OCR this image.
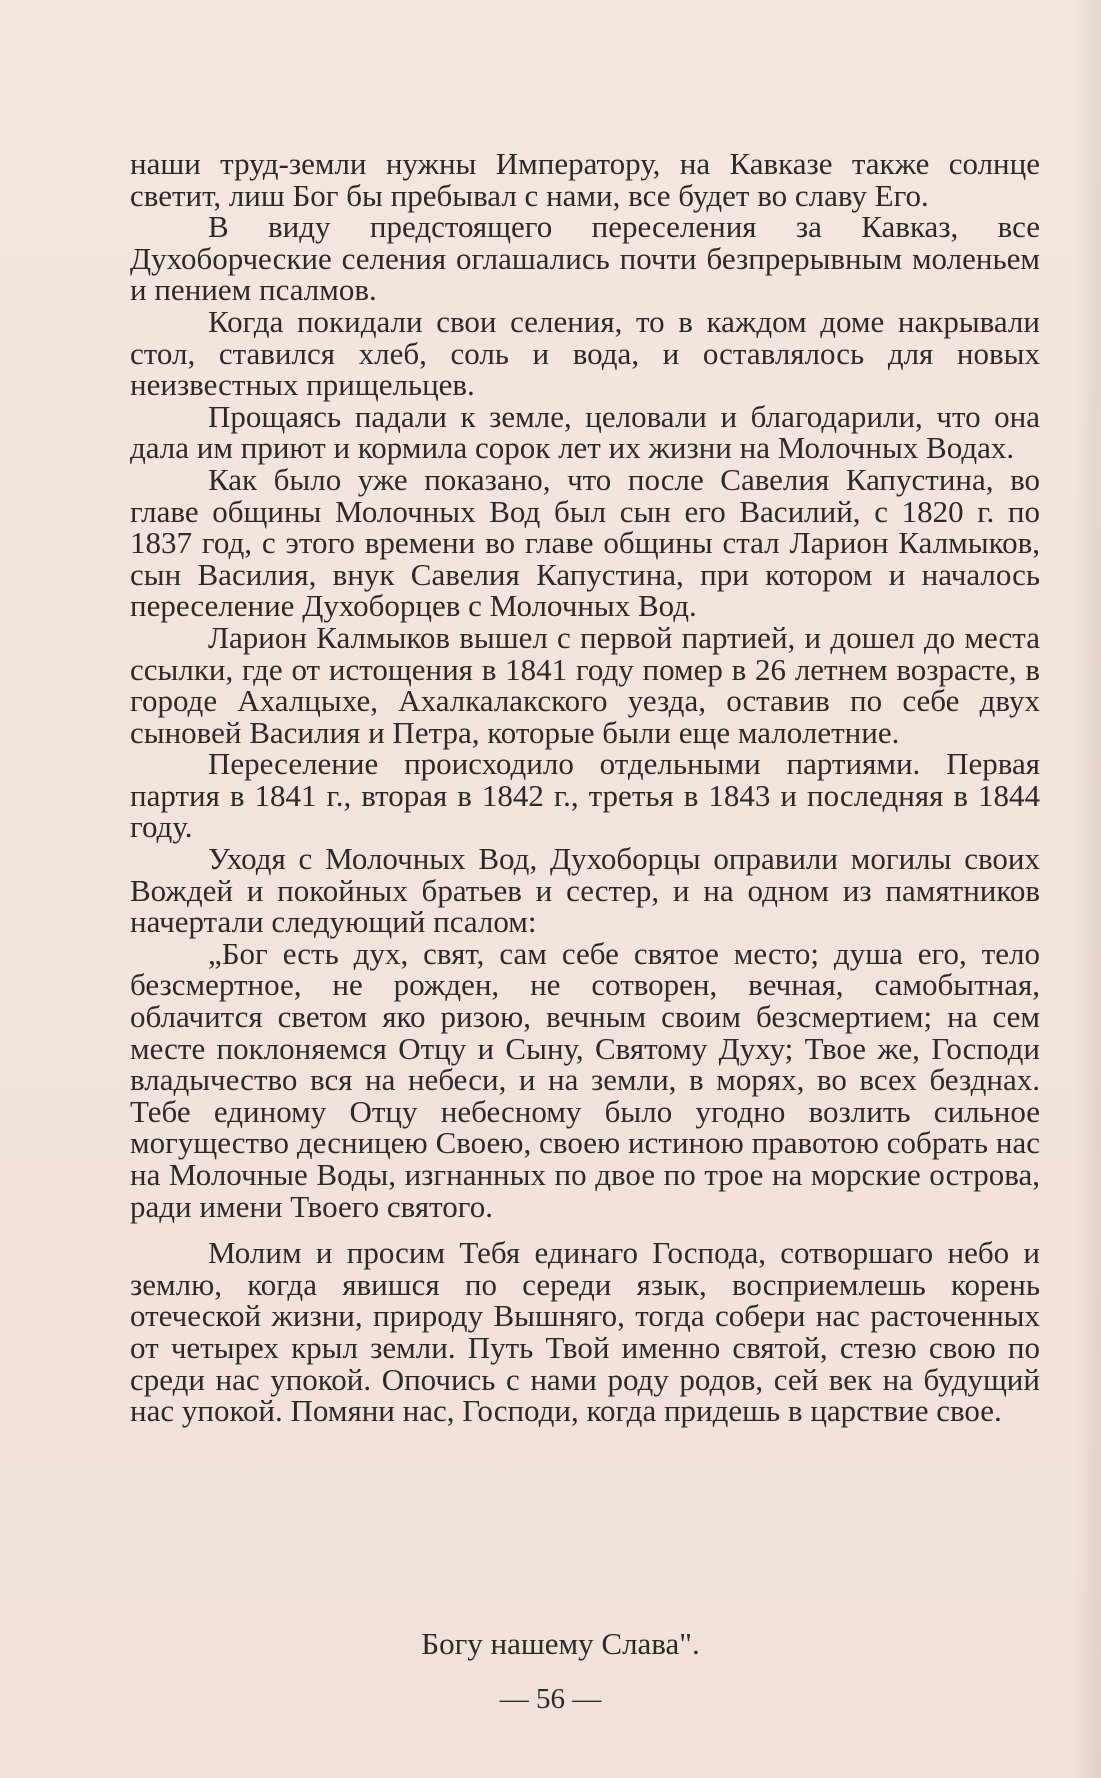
наши труд-земли нужны Императору, на Кавказе также солнце светит, лиш Бог бы пребывал с нами, все будет во славу Его.

В виду предстоящего переселения за Кавказ, все Духоборческие селения оглашались почти безпрерывным моленьем и пением псалмов.

Когда покидали свои селения, то в каждом доме накрывали стол, ставился хлеб, соль и вода, и оставлялось для новых неизвестных прищельцев.

Прощаясь падали к земле, целовали и благодарили, что она дала им приют и кормила сорок лет их жизни на Молочных Водах.

Как было уже показано, что после Савелия Капустина, во главе общины Молочных Вод был сын его Василий, с 1820 г. по 1837 год, с этого времени во главе общины стал Ларион Калмыков, сын Василия, внук Савелия Капустина, при котором и началось переселение Духоборцев с Молочных Вод.

Ларион Калмыков вышел с первой партией, и дошел до места ссылки, где от истощения в 1841 году помер в 26 летнем возрасте, в городе Ахалцыхе, Ахалкалакского уезда, оставив по себе двух сыновей Василия и Петра, которые были еще малолетние.

Переселение происходило отдельными партиями. Первая партия в 1841 г., вторая в 1842 г., третья в 1843 и последняя в 1844 году.

Уходя с Молочных Вод, Духоборцы оправили могилы своих Вождей и покойных братьев и сестер, и на одном из памятников начертали следующий псалом:

„Бог есть дух, свят, сам себе святое место; душа его, тело безсмертное, не рожден, не сотворен, вечная, самобытная, облачится светом яко ризою, вечным своим безсмертием; на сем месте поклоняемся Отцу и Сыну, Святому Духу; Твое же, Господи владычество вся на небеси, и на земли, в морях, во всех безднах. Тебе единому Отцу небесному было угодно возлить сильное могущество десницею Своею, своею истиною правотою собрать нас на Молочные Воды, изгнанных по двое по трое на морские острова, ради имени Твоего святого.

Молим и просим Тебя единаго Господа, сотворшаго небо и землю, когда явишся по середи язык, восприемлешь корень отеческой жизни, природу Вышняго, тогда собери нас расточенных от четырех крыл земли. Путь Твой именно святой, стезю свою по среди нас упокой. Опочись с нами роду родов, сей век на будущий нас упокой. Помяни нас, Господи, когда придешь в царствие свое.

Богу нашему Слава".
— 56 —
